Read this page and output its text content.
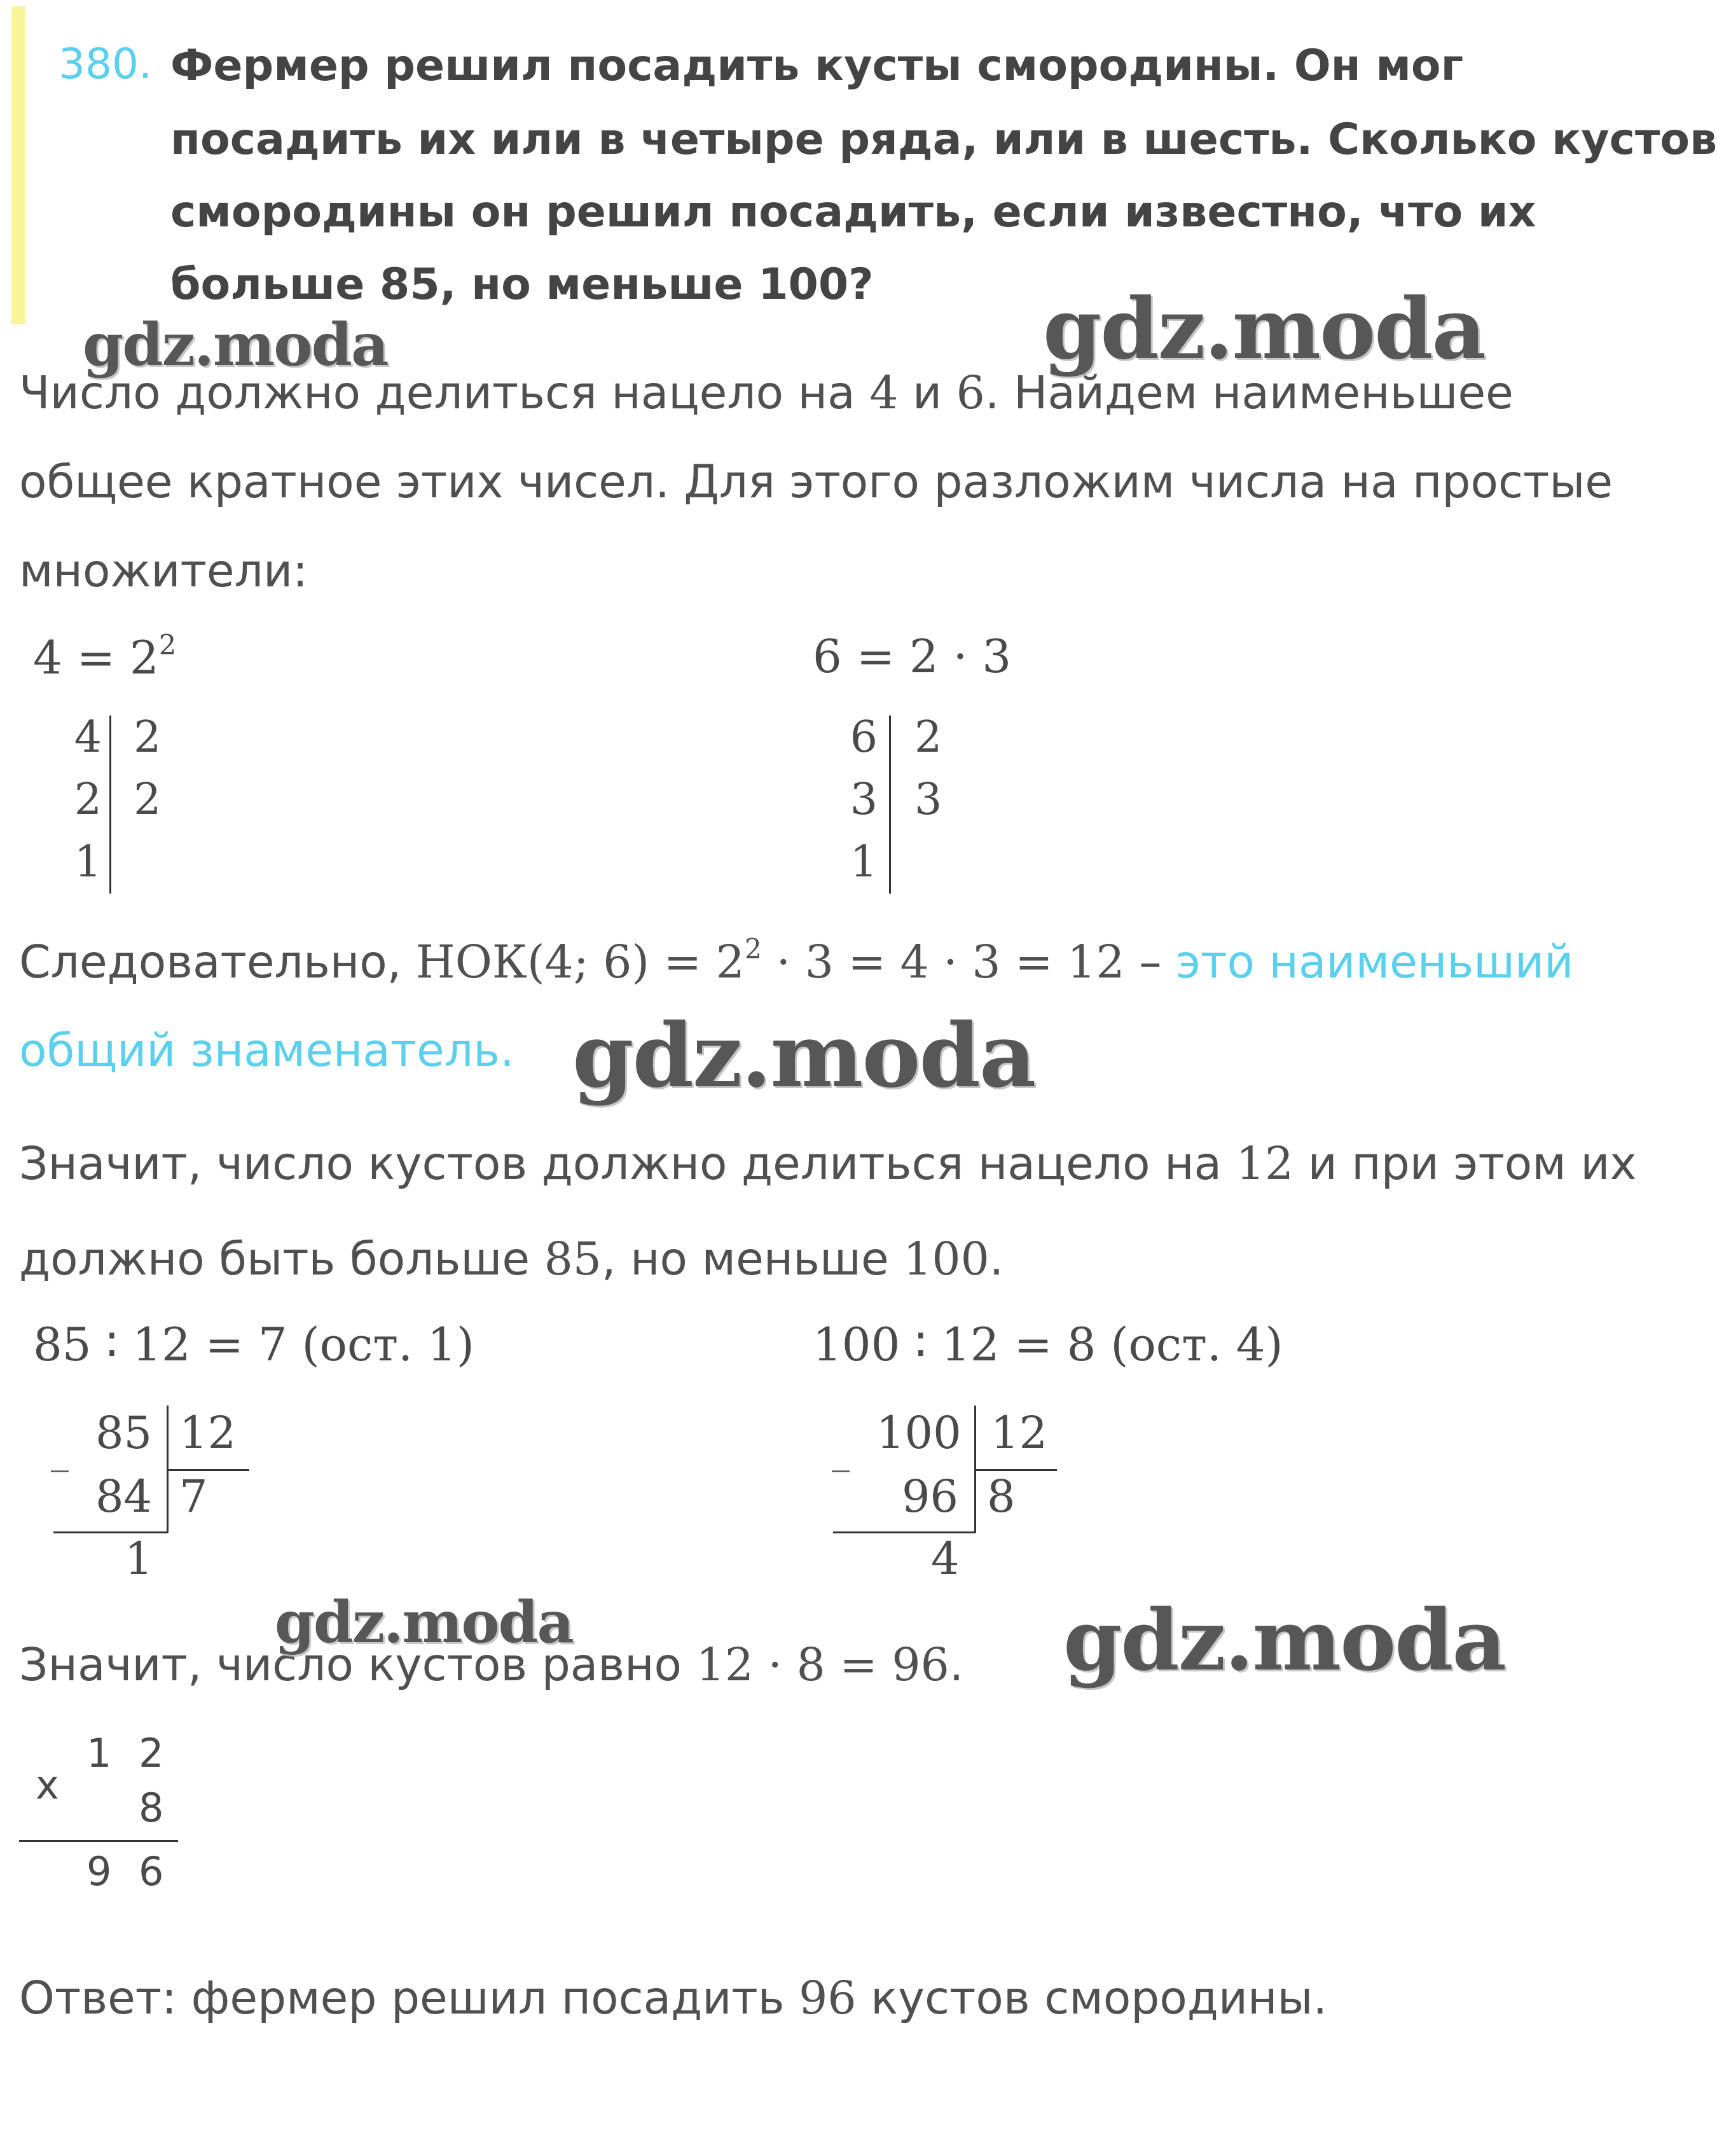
380. Фермер решил посадить кусты смородины. Он мог
посадить их или в четыре ряда, или в шесть. Сколько кустов
смородины он решил посадить, если известно, что их
больше 85, но меньше 100?
Число должно делиться нацело на 4 и 6. Найдем наименьшее
общее кратное этих чисел. Для этого разложим числа на простые
множители:
$4 = 2^2$
4 2
2 2
1
6 = 2 · 3
6 2
3 3
1
Следовательно, НОК(4; $6) = 2^2 \cdot 3 = 4 \cdot 3 = 12$ – это наименьший
общий знаменатель.
Значит, число кустов должно делиться нацело на 12 и при этом их
должно быть больше 85, но меньше 100.
85 ∶ 12 = 7 (ост. 1)
_ 85 12
84 7
1
100 ∶ 12 = 8 (ост. 4)
_ 100 12
96 8
4
Значит, число кустов равно 12 · 8 = 96.
x
1 2
8
9 6
Ответ: фермер решил посадить 96 кустов смородины.
gdz.moda	gdz.moda
gdz.moda
gdz.moda	gdz.moda
